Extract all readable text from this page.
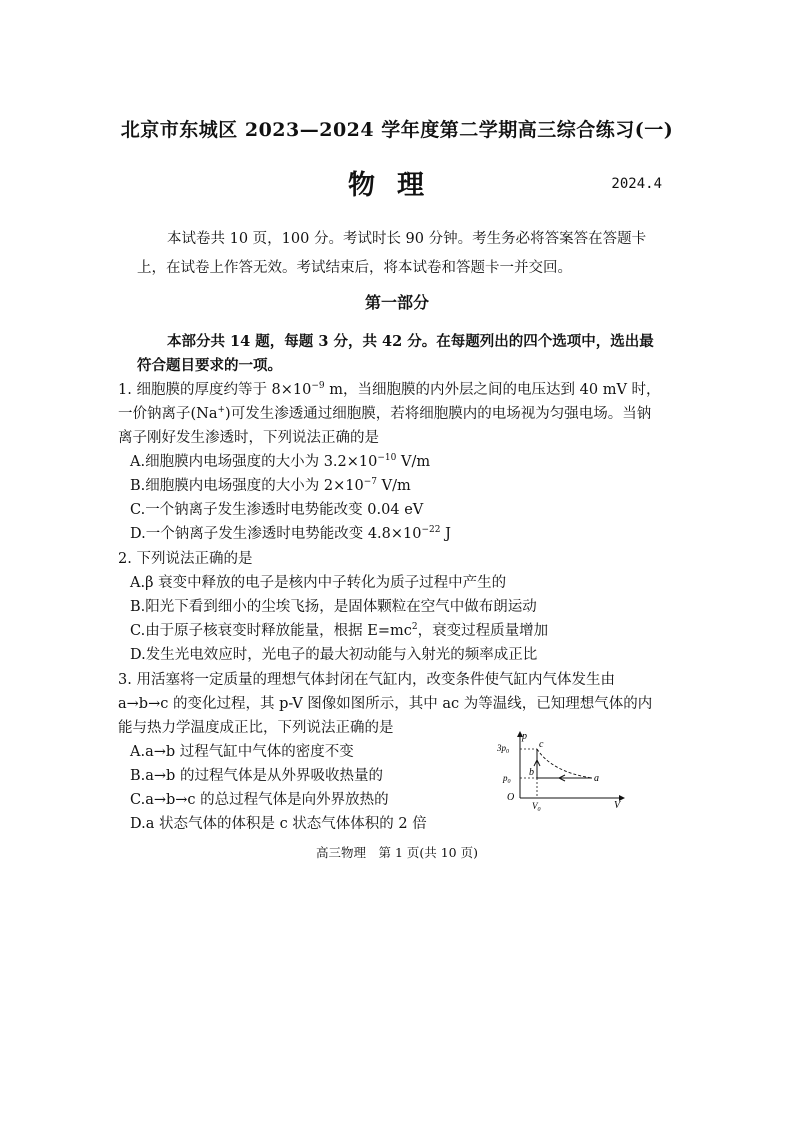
北京市东城区 2023—2024 学年度第二学期高三综合练习(一)
物理	2024.4
本试卷共 10 页，100 分。考试时长 90 分钟。考生务必将答案答在答题卡上，在试卷上作答无效。考试结束后，将本试卷和答题卡一并交回。
第一部分
本部分共 14 题，每题 3 分，共 42 分。在每题列出的四个选项中，选出最符合题目要求的一项。
1. 细胞膜的厚度约等于 $8\times 10^{-9}$ m，当细胞膜的内外层之间的电压达到 40 mV 时，一价钠离子(Na+)可发生渗透通过细胞膜，若将细胞膜内的电场视为匀强电场。当钠离子刚好发生渗透时，下列说法正确的是
A.细胞膜内电场强度的大小为 $3.2\times 10^{-10}$ V/m
B.细胞膜内电场强度的大小为 $2\times 10^{-7}$ V/m
C.一个钠离子发生渗透时电势能改变 0.04 eV
D.一个钠离子发生渗透时电势能改变 $4.8\times 10^{-22}$ J
2. 下列说法正确的是
A.β 衰变中释放的电子是核内中子转化为质子过程中产生的
B.阳光下看到细小的尘埃飞扬，是固体颗粒在空气中做布朗运动
C.由于原子核衰变时释放能量，根据 $E=mc^2$，衰变过程质量增加
D.发生光电效应时，光电子的最大初动能与入射光的频率成正比
3. 用活塞将一定质量的理想气体封闭在气缸内，改变条件使气缸内气体发生由 a→b→c 的变化过程，其 p-V 图像如图所示，其中 ac 为等温线，已知理想气体的内能与热力学温度成正比，下列说法正确的是
A.a→b 过程气缸中气体的密度不变
B.a→b 的过程气体是从外界吸收热量的
C.a→b→c 的总过程气体是向外界放热的
D.a 状态气体的体积是 c 状态气体体积的 2 倍
p
V
O
$3p_0$
$p_0$
$V_0$
a
b
c
高三物理　第 1 页(共 10 页)
